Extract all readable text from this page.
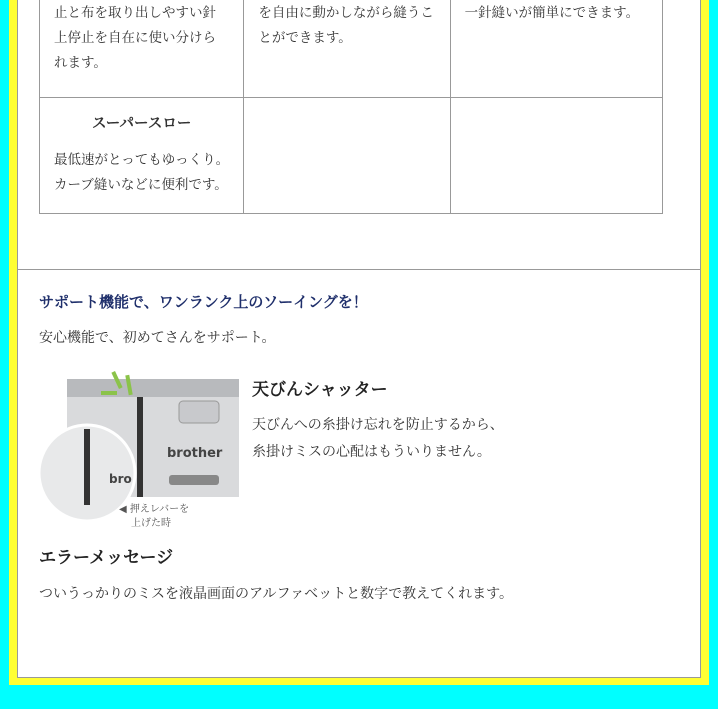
止と布を取り出しやすい針上停止を自在に使い分けられます。	を自由に動かしながら縫うことができます。	一針縫いが簡単にできます。

スーパースロー
最低速がとってもゆっくり。カーブ縫いなどに便利です。		

サポート機能で、ワンランク上のソーイングを！
安心機能で、初めてさんをサポート。
brother
bro
◀ 押えレバーを
上げた時
天びんシャッター
天びんへの糸掛け忘れを防止するから、
糸掛けミスの心配はもういりません。
エラーメッセージ
ついうっかりのミスを液晶画面のアルファベットと数字で教えてくれます。
